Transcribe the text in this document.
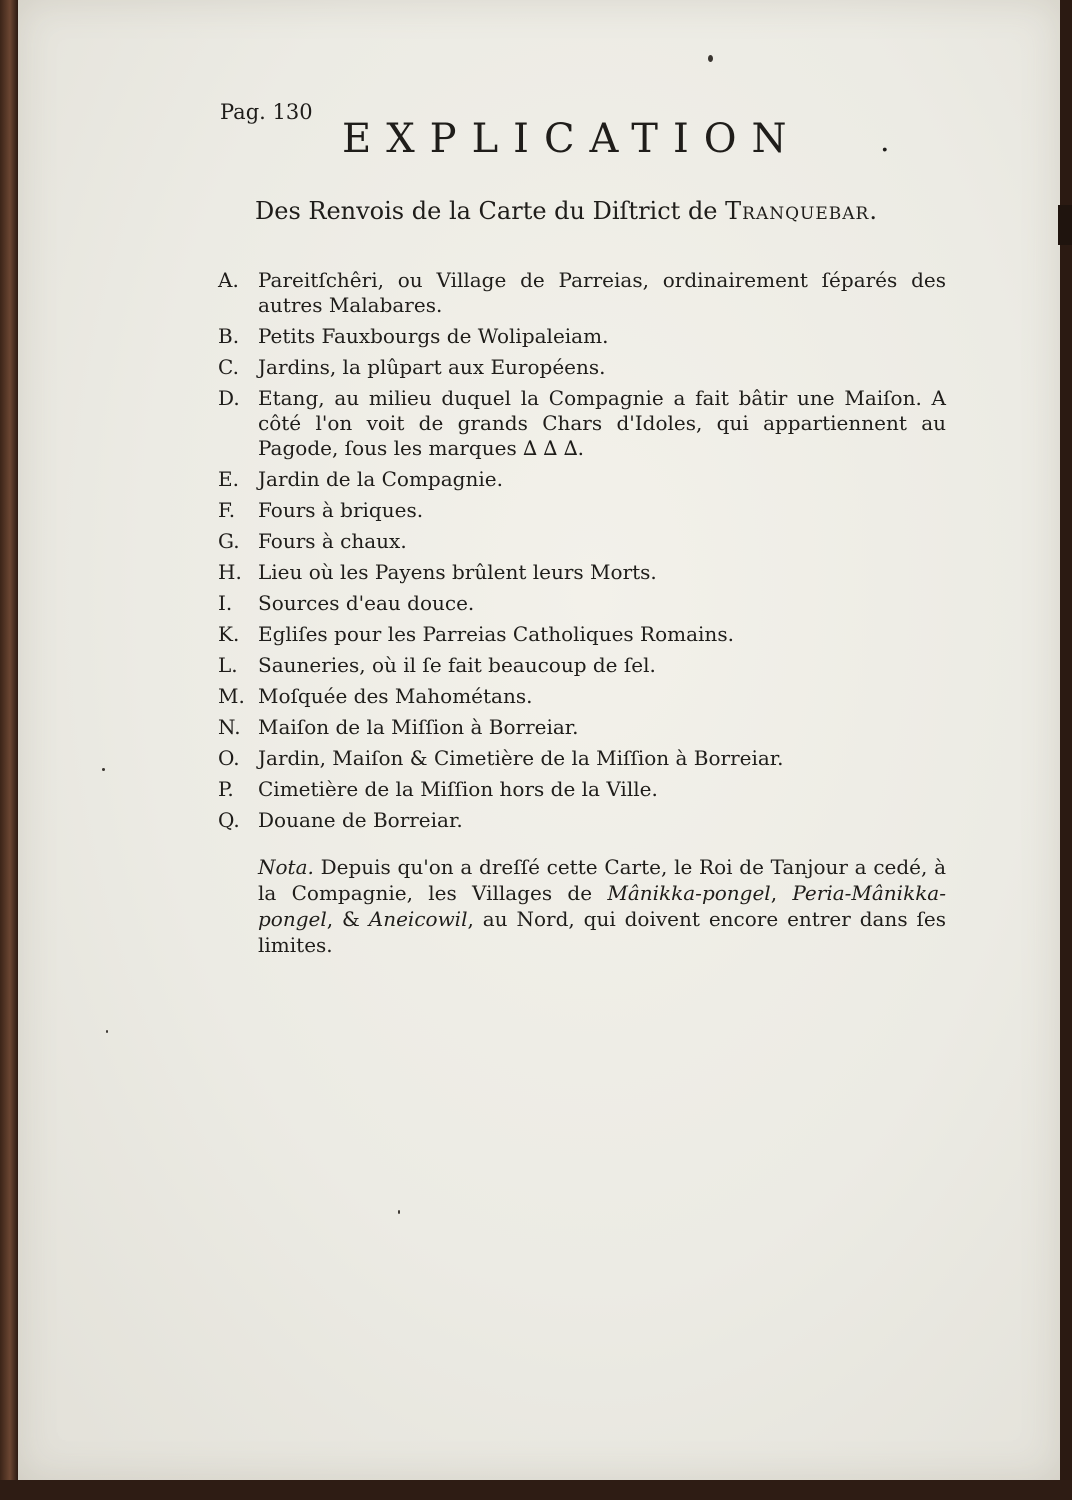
Pag. 130
EXPLICATION	.
Des Renvois de la Carte du Diſtrict de Tranquebar.
A. Pareitſchêri, ou Village de Parreias, ordinairement ſéparés des autres Malabares.
B. Petits Fauxbourgs de Wolipaleiam.
C. Jardins, la plûpart aux Européens.
D. Etang, au milieu duquel la Compagnie a fait bâtir une Maiſon. A côté l'on voit de grands Chars d'Idoles, qui appartiennent au Pagode, ſous les marques ∆ ∆ ∆.
E. Jardin de la Compagnie.
F. Fours à briques.
G. Fours à chaux.
H. Lieu où les Payens brûlent leurs Morts.
I. Sources d'eau douce.
K. Egliſes pour les Parreias Catholiques Romains.
L. Sauneries, où il ſe fait beaucoup de ſel.
M. Moſquée des Mahométans.
N. Maiſon de la Miſſion à Borreiar.
O. Jardin, Maiſon & Cimetière de la Miſſion à Borreiar.
P. Cimetière de la Miſſion hors de la Ville.
Q. Douane de Borreiar.
Nota. Depuis qu'on a dreſſé cette Carte, le Roi de Tanjour a cedé, à la Compagnie, les Villages de Mânikka-pongel, Peria-Mânikka-pongel, & Aneicowil, au Nord, qui doivent encore entrer dans ſes limites.
